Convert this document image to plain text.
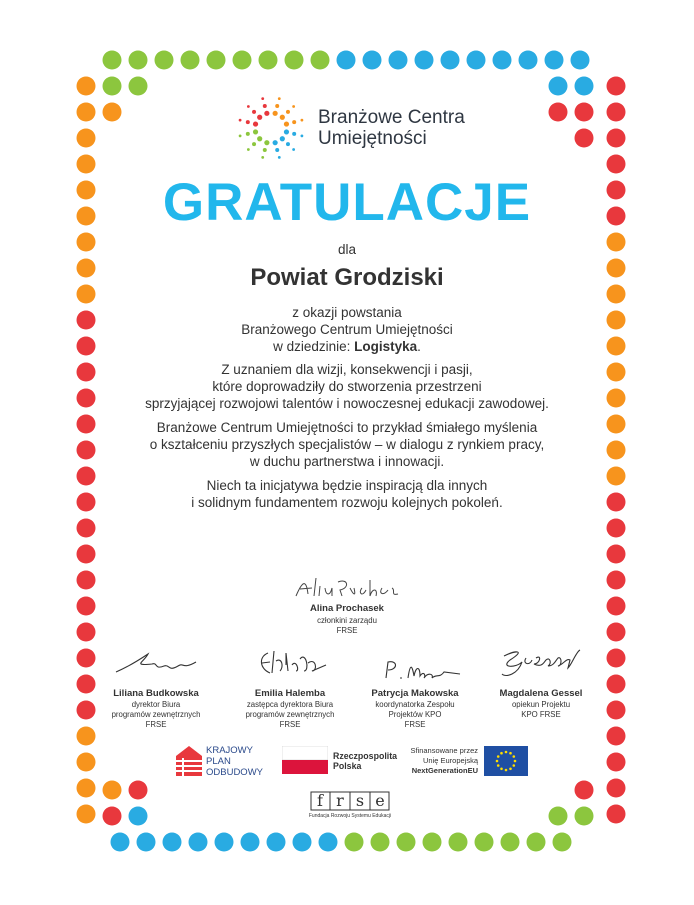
Branżowe Centra
Umiejętności
GRATULACJE
dla
Powiat Grodziski
z okazji powstania
Branżowego Centrum Umiejętności
w dziedzinie: Logistyka.
Z uznaniem dla wizji, konsekwencji i pasji,
które doprowadziły do stworzenia przestrzeni
sprzyjającej rozwojowi talentów i nowoczesnej edukacji zawodowej.
Branżowe Centrum Umiejętności to przykład śmiałego myślenia
o kształceniu przyszłych specjalistów – w dialogu z rynkiem pracy,
w duchu partnerstwa i innowacji.
Niech ta inicjatywa będzie inspiracją dla innych
i solidnym fundamentem rozwoju kolejnych pokoleń.
Alina Prochasek
członkini zarządu
FRSE
Liliana Budkowska
dyrektor Biura
programów zewnętrznych
FRSE
Emilia Halemba
zastępca dyrektora Biura
programów zewnętrznych
FRSE
Patrycja Makowska
koordynatorka Zespołu
Projektów KPO
FRSE
Magdalena Gessel
opiekun Projektu
KPO FRSE
KRAJOWY
PLAN
ODBUDOWY
Rzeczpospolita
Polska
Sfinansowane przez
Unię Europejską
NextGenerationEU
f r s e
Fundacja Rozwoju Systemu Edukacji
